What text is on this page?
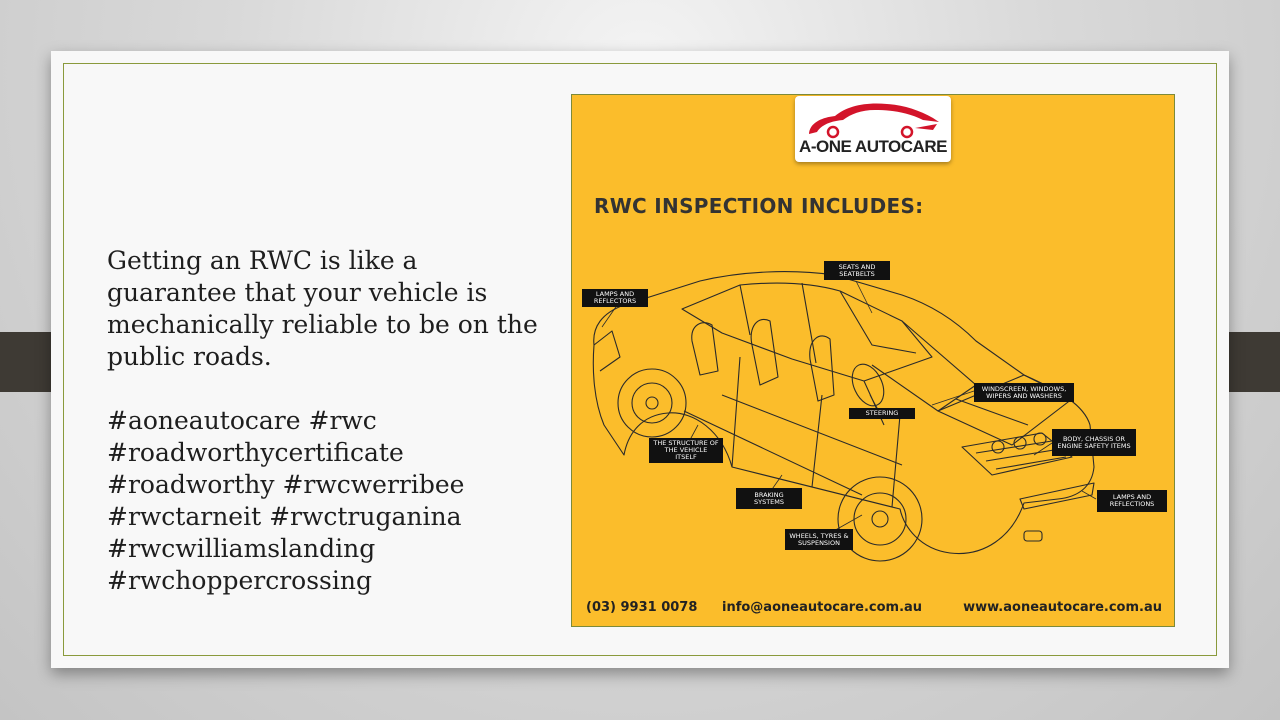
Getting an RWC is like a guarantee that your vehicle is mechanically reliable to be on the public roads.

#aoneautocare #rwc

#roadworthycertificate

#roadworthy #rwcwerribee

#rwctarneit #rwctruganina

#rwcwilliamslanding

#rwchoppercrossing

A-ONE AUTOCARE
RWC INSPECTION INCLUDES:
LAMPS AND REFLECTORS
SEATS AND SEATBELTS
WINDSCREEN, WINDOWS, WIPERS AND WASHERS
STEERING
BODY, CHASSIS OR ENGINE SAFETY ITEMS
THE STRUCTURE OF THE VEHICLE ITSELF
BRAKING SYSTEMS
LAMPS AND REFLECTIONS
WHEELS, TYRES & SUSPENSION
(03) 9931 0078 info@aoneautocare.com.au	www.aoneautocare.com.au
